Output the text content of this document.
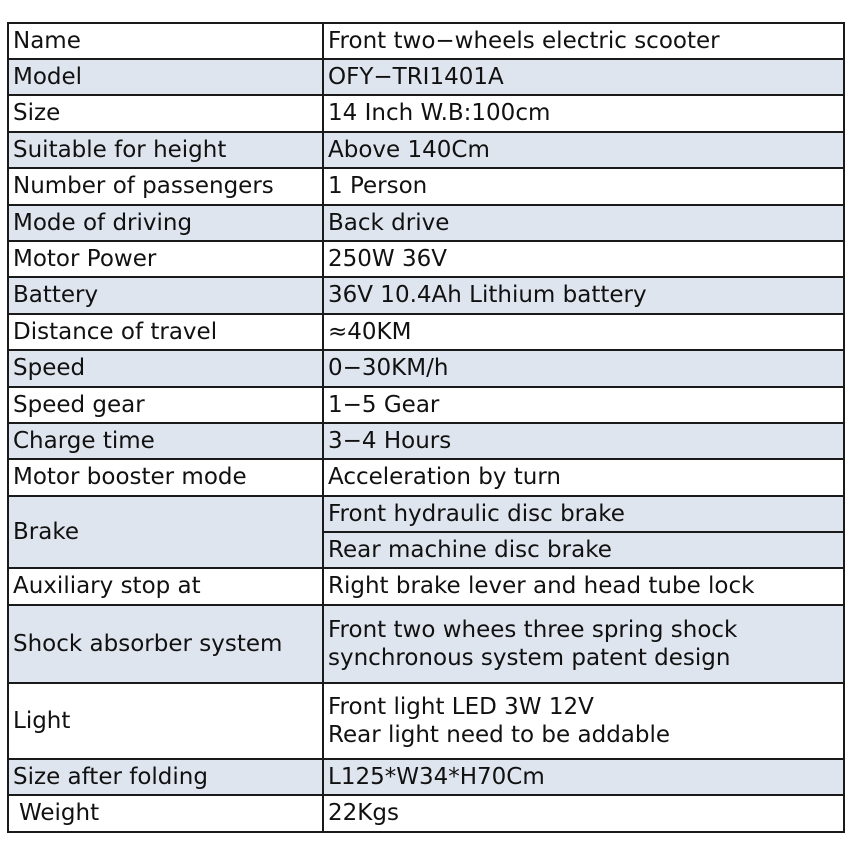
Name	Front two−wheels electric scooter
Model	OFY−TRI1401A
Size	14 Inch W.B:100cm
Suitable for height	Above 140Cm
Number of passengers	1 Person
Mode of driving	Back drive
Motor Power	250W 36V
Battery	36V 10.4Ah Lithium battery
Distance of travel	≈40KM
Speed	0−30KM/h
Speed gear	1−5 Gear
Charge time	3−4 Hours
Motor booster mode	Acceleration by turn
Brake	Front hydraulic disc brake
	Rear machine disc brake
Auxiliary stop at	Right brake lever and head tube lock
Shock absorber system	Front two whees three spring shock
synchronous system patent design

Light	Front light LED 3W 12V
Rear light need to be addable

Size after folding	L125*W34*H70Cm
Weight	22Kgs
